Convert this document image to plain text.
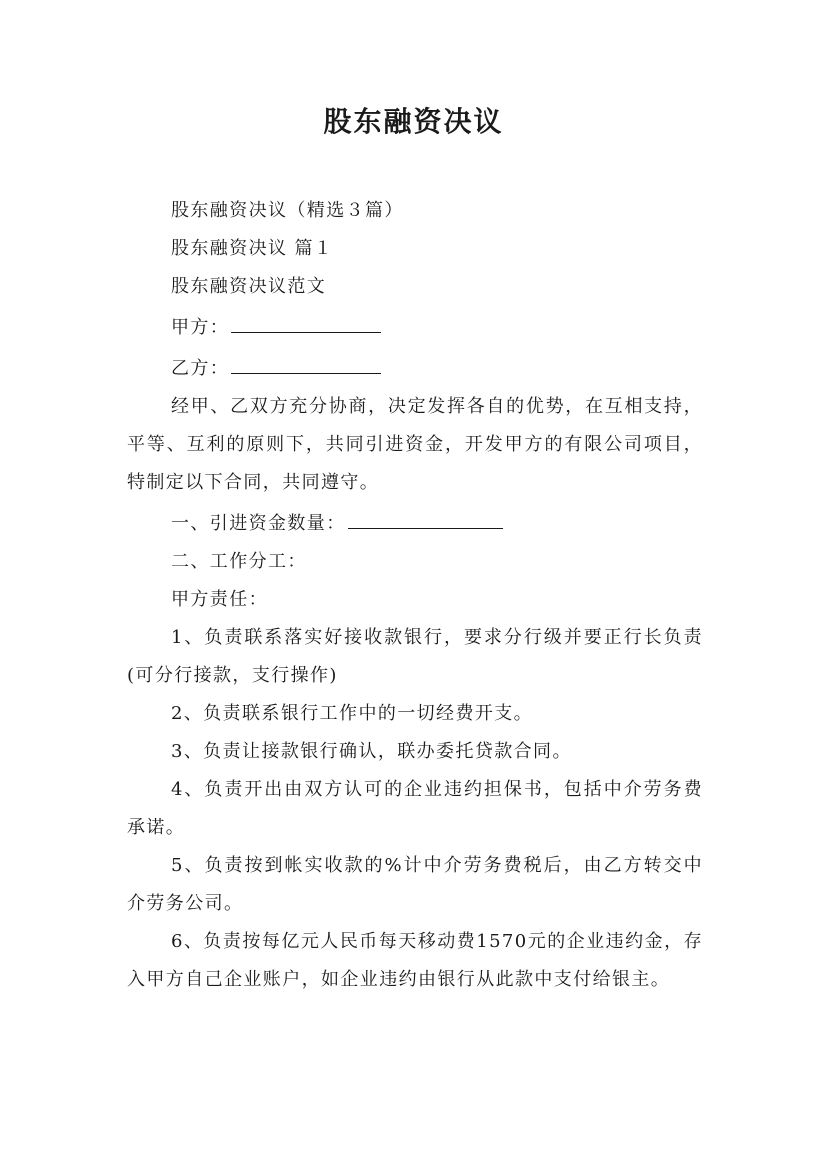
股东融资决议

股东融资决议（精选３篇）

股东融资决议 篇１

股东融资决议范文

甲方：

乙方：

经甲、乙双方充分协商，决定发挥各自的优势，在互相支持，平等、互利的原则下，共同引进资金，开发甲方的有限公司项目，特制定以下合同，共同遵守。

一、引进资金数量：

二、工作分工：

甲方责任：

1、负责联系落实好接收款银行，要求分行级并要正行长负责(可分行接款，支行操作)

2、负责联系银行工作中的一切经费开支。

3、负责让接款银行确认，联办委托贷款合同。

4、负责开出由双方认可的企业违约担保书，包括中介劳务费承诺。

5、负责按到帐实收款的%计中介劳务费税后，由乙方转交中介劳务公司。

6、负责按每亿元人民币每天移动费1570元的企业违约金，存入甲方自己企业账户，如企业违约由银行从此款中支付给银主。
